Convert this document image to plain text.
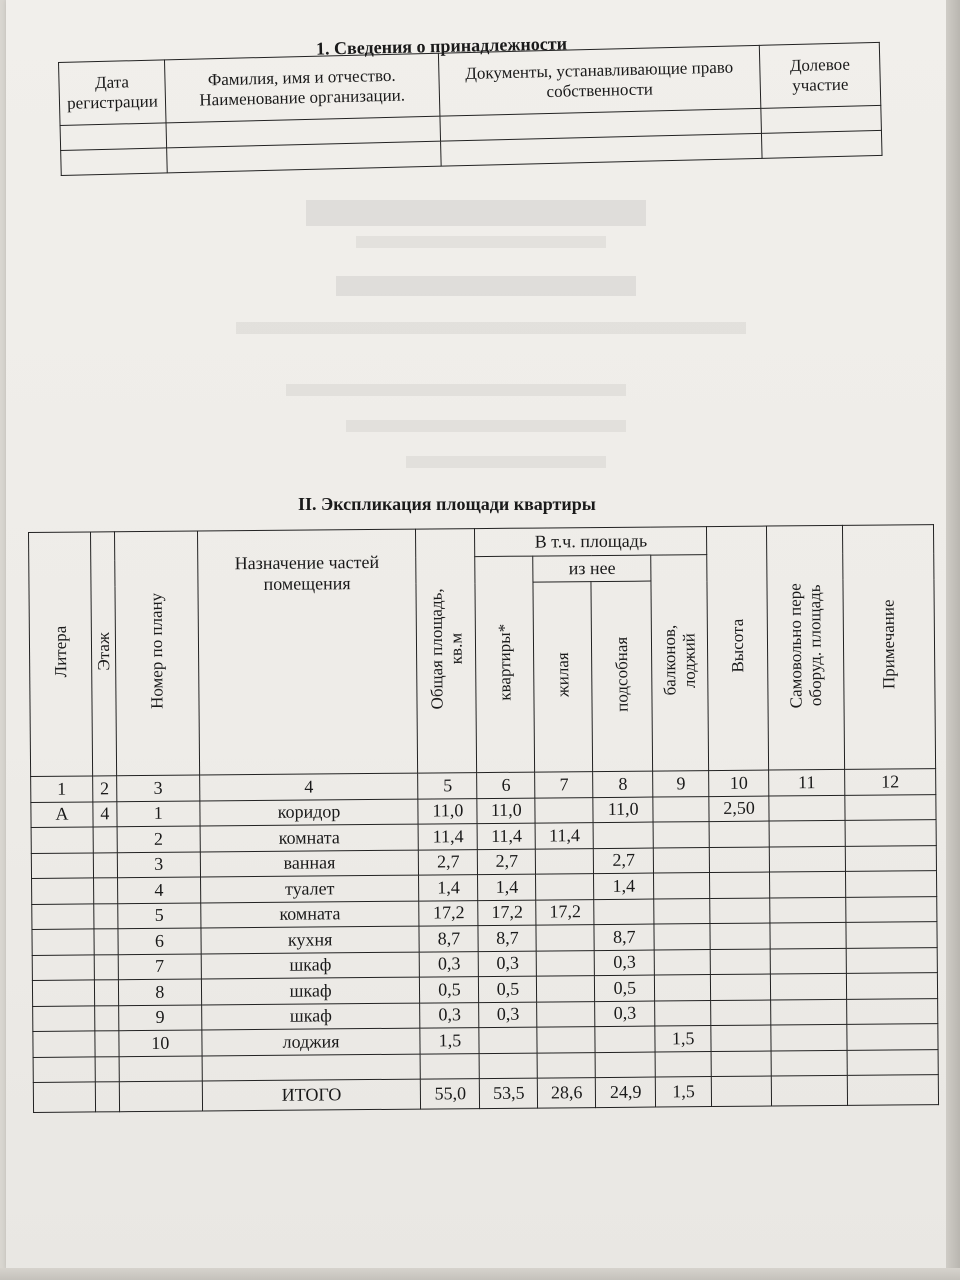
1. Сведения о принадлежности
Дата регистрации	Фамилия, имя и отчество. Наименование организации.	Документы, устанавливающие право собственности	Долевое участие

II. Экспликация площади квартиры
Литера	Этаж	Номер по плану	Назначение частей помещения	Общая площадь, кв.м	В т.ч. площадь				Высота	Самовольно пере оборуд. площадь	Примечание
					квартиры*	из нее		балконов, лоджий			
						жилая	подсобная				
1	2	3	4	5	6	7	8	9	10	11	12
А	4	1	коридор	11,0	11,0		11,0		2,50		
		2	комната	11,4	11,4	11,4					
		3	ванная	2,7	2,7		2,7				
		4	туалет	1,4	1,4		1,4				
		5	комната	17,2	17,2	17,2					
		6	кухня	8,7	8,7		8,7				
		7	шкаф	0,3	0,3		0,3				
		8	шкаф	0,5	0,5		0,5				
		9	шкаф	0,3	0,3		0,3				
		10	лоджия	1,5				1,5			

			ИТОГО	55,0	53,5	28,6	24,9	1,5			
